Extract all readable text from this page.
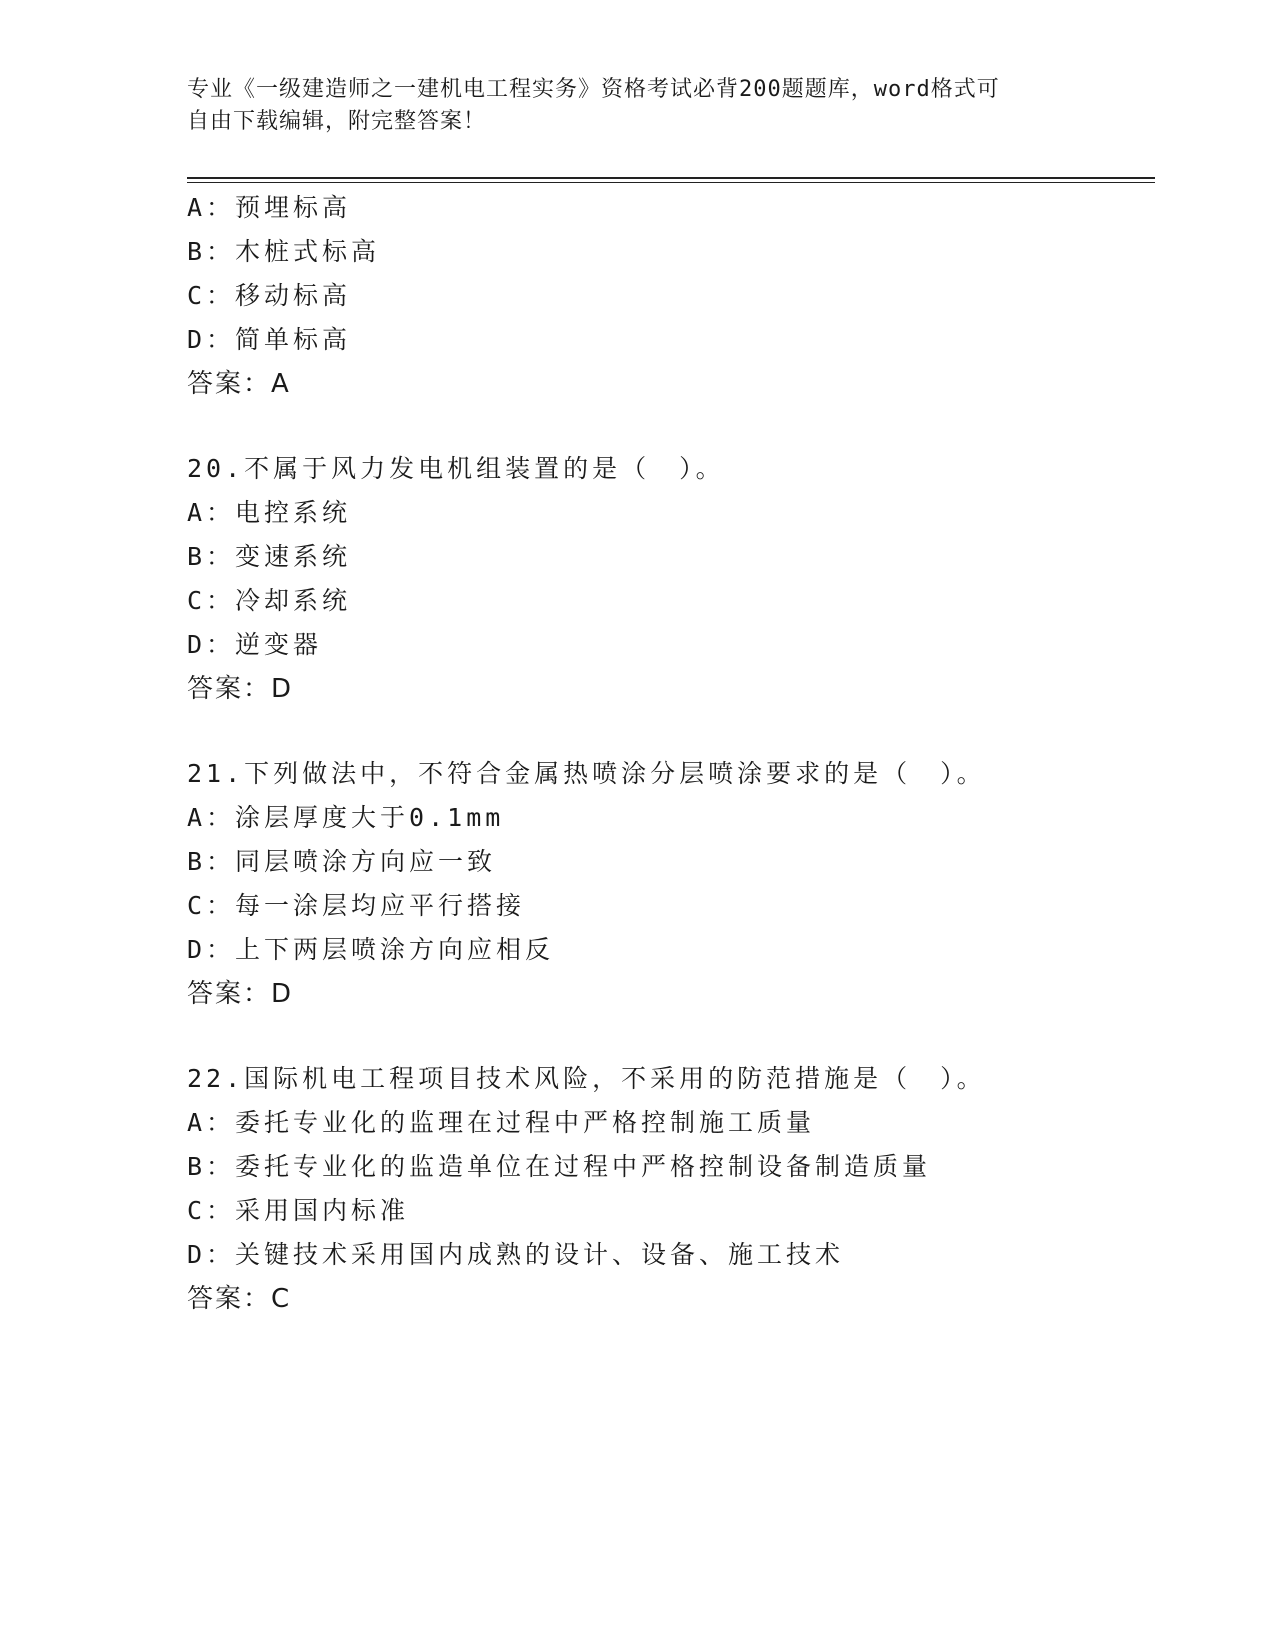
专业《一级建造师之一建机电工程实务》资格考试必背200题题库，word格式可
自由下载编辑，附完整答案！
A：预埋标高
B：木桩式标高
C：移动标高
D：简单标高
答案：A
20.不属于风力发电机组装置的是（　）。
A：电控系统
B：变速系统
C：冷却系统
D：逆变器
答案：D
21.下列做法中，不符合金属热喷涂分层喷涂要求的是（　）。
A：涂层厚度大于0.1mm
B：同层喷涂方向应一致
C：每一涂层均应平行搭接
D：上下两层喷涂方向应相反
答案：D
22.国际机电工程项目技术风险，不采用的防范措施是（　）。
A：委托专业化的监理在过程中严格控制施工质量
B：委托专业化的监造单位在过程中严格控制设备制造质量
C：采用国内标准
D：关键技术采用国内成熟的设计、设备、施工技术
答案：C
